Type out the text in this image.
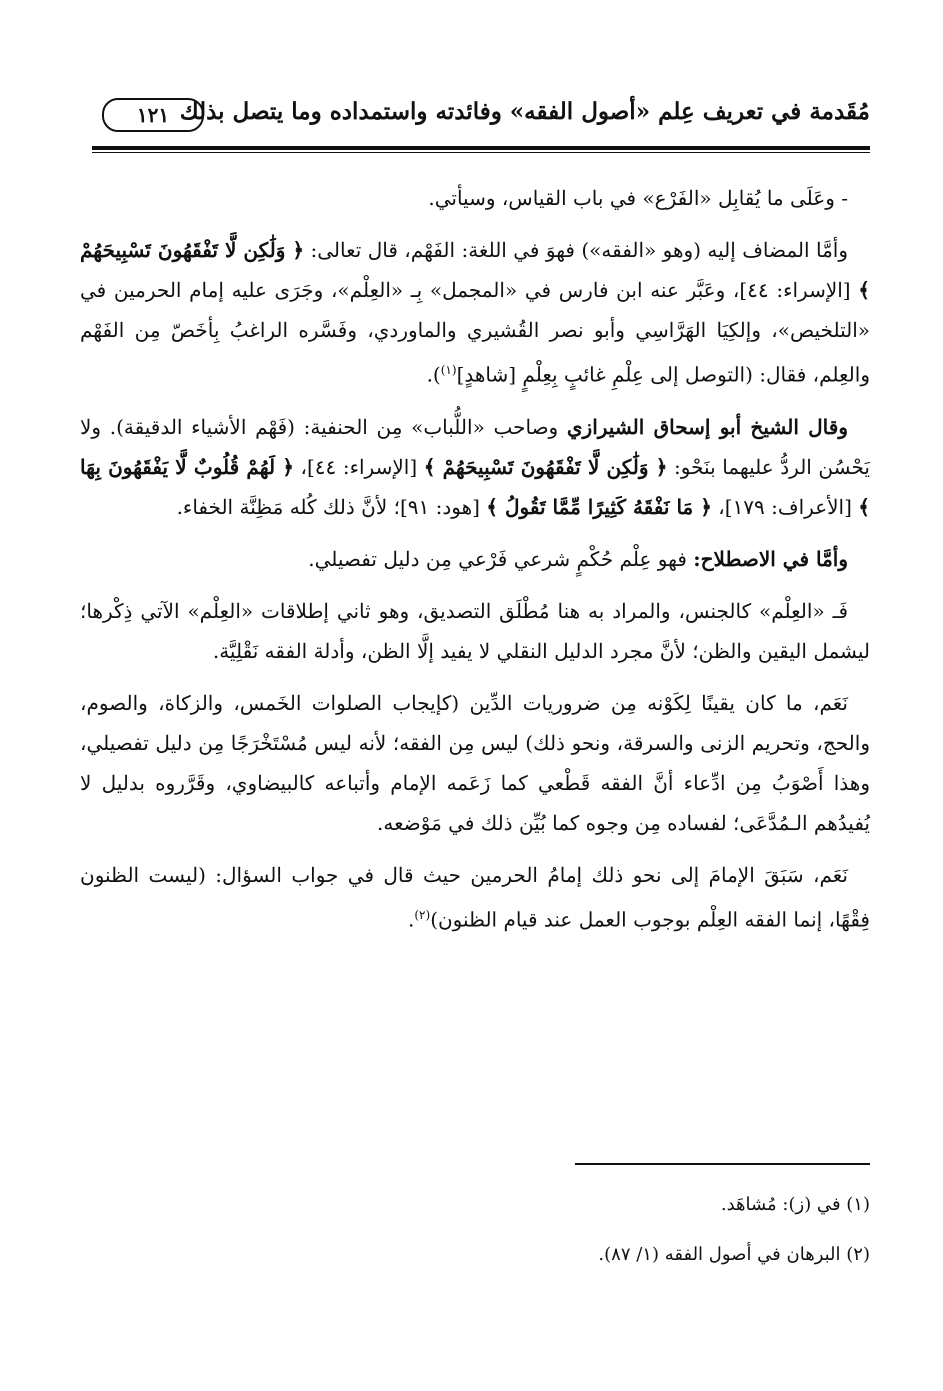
مُقَدمة في تعريف عِلم «أصول الفقه» وفائدته واستمداده وما يتصل بذلك
١٢١

- وعَلَى ما يُقابِل «الفَرْع» في باب القياس، وسيأتي.

وأمَّا المضاف إليه (وهو «الفقه») فهوَ في اللغة: الفَهْم، قال تعالى: ﴿ وَلَٰكِن لَّا تَفْقَهُونَ تَسْبِيحَهُمْ ﴾ [الإسراء: ٤٤]، وعَبَّر عنه ابن فارس في «المجمل» بِـ «العِلْم»، وجَرَى عليه إمام الحرمين في «التلخيص»، وإلكِيَا الهَرَّاسِي وأبو نصر القُشيري والماوردي، وفَسَّره الراغبُ بِأخَصّ مِن الفَهْم والعِلم، فقال: (التوصل إلى عِلْمِ غائبٍ بِعِلْمٍ [شاهدٍ]$^{(١)}$).

وقال الشيخ أبو إسحاق الشيرازي وصاحب «اللُّباب» مِن الحنفية: (فَهْم الأشياء الدقيقة). ولا يَحْسُن الردُّ عليهما بنَحْو: ﴿ وَلَٰكِن لَّا تَفْقَهُونَ تَسْبِيحَهُمْ ﴾ [الإسراء: ٤٤]، ﴿ لَهُمْ قُلُوبٌ لَّا يَفْقَهُونَ بِهَا ﴾ [الأعراف: ١٧٩]، ﴿ مَا نَفْقَهُ كَثِيرًا مِّمَّا تَقُولُ ﴾ [هود: ٩١]؛ لأنَّ ذلك كُله مَظِنَّة الخفاء.

وأمَّا في الاصطلاح: فهو عِلْم حُكْمٍ شرعي فَرْعي مِن دليل تفصيلي.

فَـ «العِلْم» كالجنس، والمراد به هنا مُطْلَق التصديق، وهو ثاني إطلاقات «العِلْم» الآتي ذِكْرها؛ ليشمل اليقين والظن؛ لأنَّ مجرد الدليل النقلي لا يفيد إلَّا الظن، وأدلة الفقه نَقْلِيَّة.

نَعَم، ما كان يقينًا لِكَوْنه مِن ضروريات الدِّين (كإيجاب الصلوات الخَمس، والزكاة، والصوم، والحج، وتحريم الزنى والسرقة، ونحو ذلك) ليس مِن الفقه؛ لأنه ليس مُسْتَخْرَجًا مِن دليل تفصيلي، وهذا أَصْوَبُ مِن ادِّعاء أنَّ الفقه قَطْعي كما زَعَمه الإمام وأتباعه كالبيضاوي، وقَرَّروه بدليل لا يُفيدُهم الـمُدَّعَى؛ لفساده مِن وجوه كما بُيِّن ذلك في مَوْضعه.

نَعَم، سَبَقَ الإمامَ إلى نحو ذلك إمامُ الحرمين حيث قال في جواب السؤال: (ليست الظنون فِقْهًا، إنما الفقه العِلْم بوجوب العمل عند قيام الظنون)$^{(٢)}$.

(١) في (ز): مُشاهَد.
(٢) البرهان في أصول الفقه (١/ ٨٧).
